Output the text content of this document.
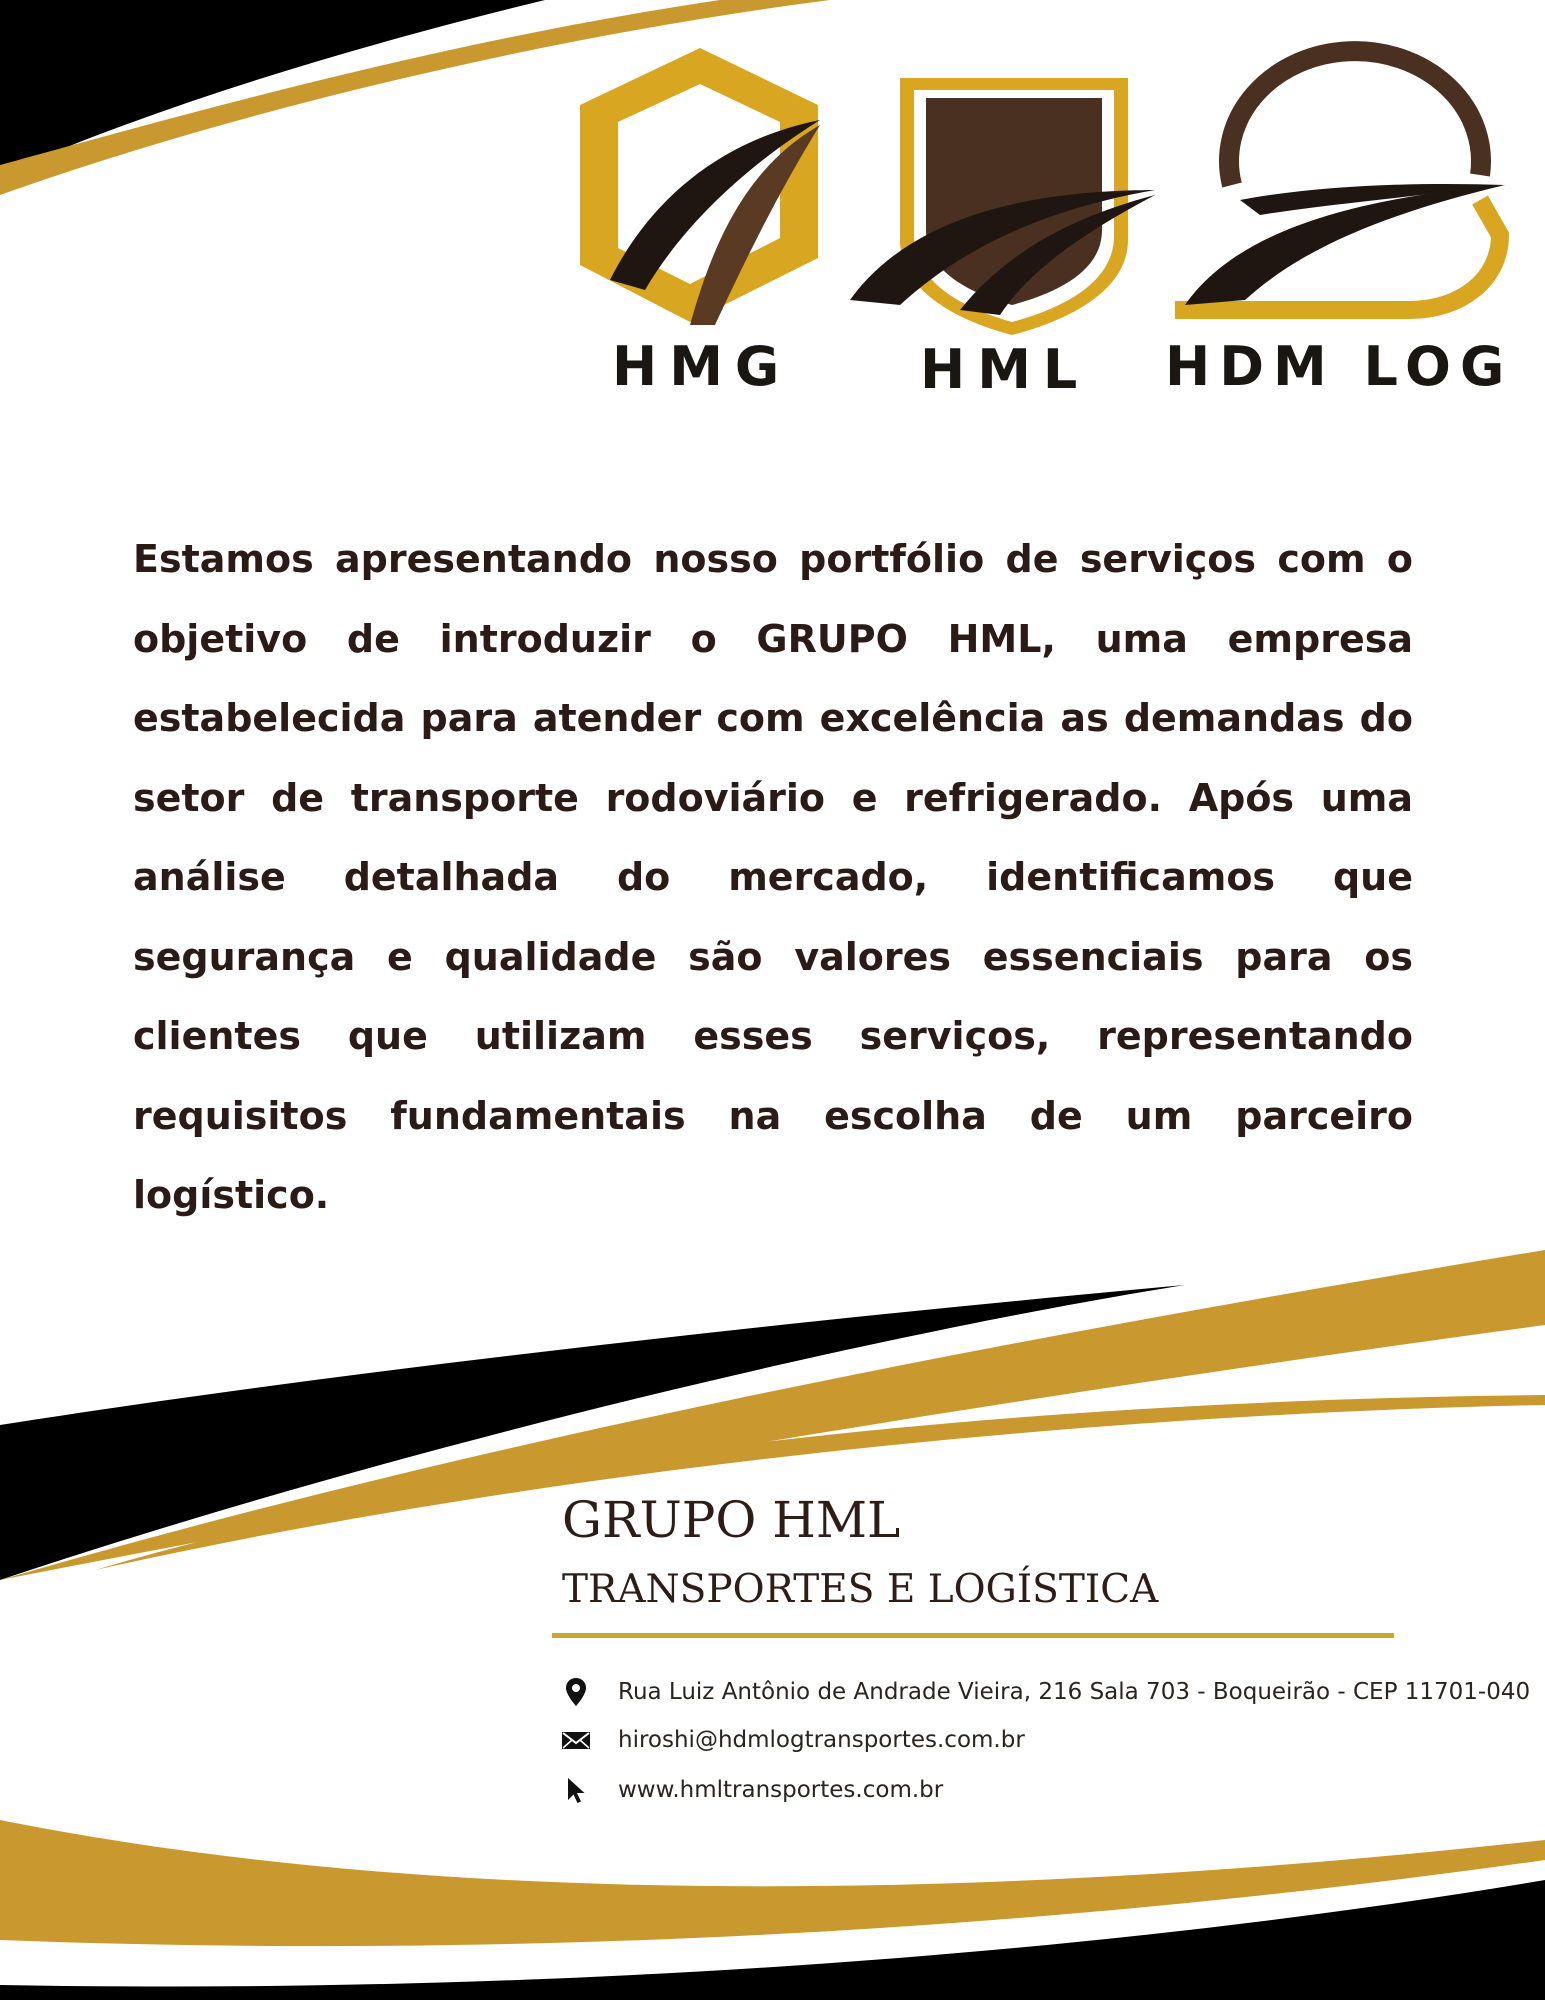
HMG HML HDM LOG

Estamos apresentando nosso portfólio de serviços com o objetivo de introduzir o GRUPO HML, uma empresa estabelecida para atender com excelência as demandas do setor de transporte rodoviário e refrigerado. Após uma análise detalhada do mercado, identificamos que segurança e qualidade são valores essenciais para os clientes que utilizam esses serviços, representando requisitos fundamentais na escolha de um parceiro logístico.

GRUPO HML
TRANSPORTES E LOGÍSTICA
Rua Luiz Antônio de Andrade Vieira, 216 Sala 703 - Boqueirão - CEP 11701-040
hiroshi@hdmlogtransportes.com.br
www.hmltransportes.com.br
